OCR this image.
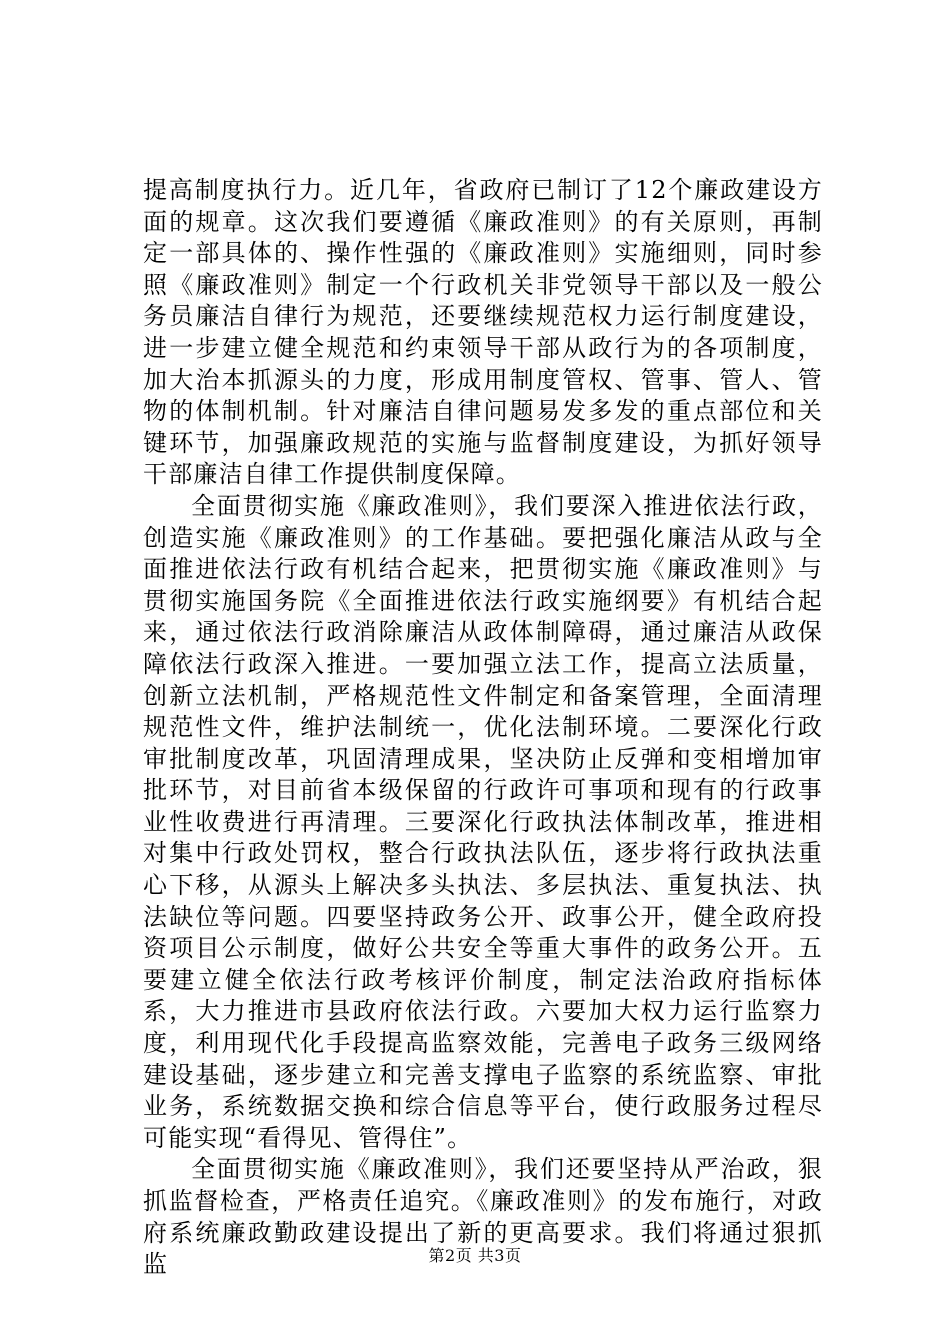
提高制度执行力。近几年，省政府已制订了12个廉政建设方面的规章。这次我们要遵循《廉政准则》的有关原则，再制定一部具体的、操作性强的《廉政准则》实施细则，同时参照《廉政准则》制定一个行政机关非党领导干部以及一般公务员廉洁自律行为规范，还要继续规范权力运行制度建设，进一步建立健全规范和约束领导干部从政行为的各项制度，加大治本抓源头的力度，形成用制度管权、管事、管人、管物的体制机制。针对廉洁自律问题易发多发的重点部位和关键环节，加强廉政规范的实施与监督制度建设，为抓好领导干部廉洁自律工作提供制度保障。

全面贯彻实施《廉政准则》，我们要深入推进依法行政，创造实施《廉政准则》的工作基础。要把强化廉洁从政与全面推进依法行政有机结合起来，把贯彻实施《廉政准则》与贯彻实施国务院《全面推进依法行政实施纲要》有机结合起来，通过依法行政消除廉洁从政体制障碍，通过廉洁从政保障依法行政深入推进。一要加强立法工作，提高立法质量，创新立法机制，严格规范性文件制定和备案管理，全面清理规范性文件，维护法制统一，优化法制环境。二要深化行政审批制度改革，巩固清理成果，坚决防止反弹和变相增加审批环节，对目前省本级保留的行政许可事项和现有的行政事业性收费进行再清理。三要深化行政执法体制改革，推进相对集中行政处罚权，整合行政执法队伍，逐步将行政执法重心下移，从源头上解决多头执法、多层执法、重复执法、执法缺位等问题。四要坚持政务公开、政事公开，健全政府投资项目公示制度，做好公共安全等重大事件的政务公开。五要建立健全依法行政考核评价制度，制定法治政府指标体系，大力推进市县政府依法行政。六要加大权力运行监察力度，利用现代化手段提高监察效能，完善电子政务三级网络建设基础，逐步建立和完善支撑电子监察的系统监察、审批业务，系统数据交换和综合信息等平台，使行政服务过程尽可能实现“看得见、管得住”。

全面贯彻实施《廉政准则》，我们还要坚持从严治政，狠抓监督检查，严格责任追究。《廉政准则》的发布施行，对政府系统廉政勤政建设提出了新的更高要求。我们将通过狠抓监	第2页 共3页
